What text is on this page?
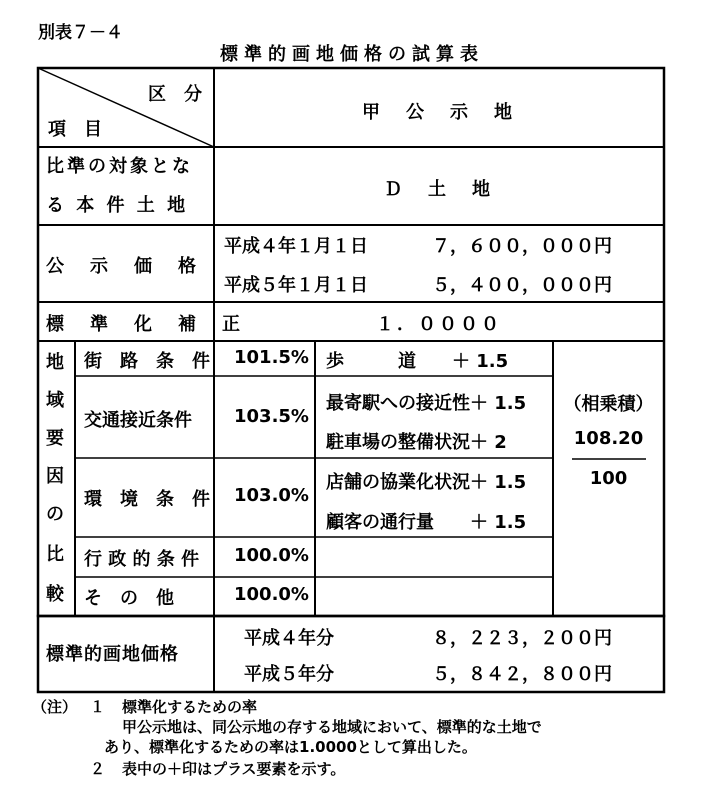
別表７－４
標準的画地価格の試算表
区　分
項　目
甲　公　示　地
比準の対象とな
る 本 件 土 地
Ｄ　土　地
公　示　価　格
平成４年１月１日	７，６００，０００円
平成５年１月１日	５，４００，０００円
標　準　化　補　正	１．００００
地
域
要
因
の
比
較
街　路　条　件 101.5% 歩　　　道　　＋ 1.5
交通接近条件 103.5%
最寄駅への接近性＋ 1.5
駐車場の整備状況＋ 2
環　境　条　件 103.0%
店舗の協業化状況＋ 1.5
顧客の通行量　　＋ 1.5
行 政 的 条 件 100.0%
そ　の　他	100.0%
（相乗積）
108.20
100
標準的画地価格
平成４年分	８，２２３，２００円
平成５年分	５，８４２，８００円
（注） １ 標準化するための率
甲公示地は、同公示地の存する地域において、標準的な土地で
あり、標準化するための率は1.0000として算出した。
２ 表中の＋印はプラス要素を示す。
